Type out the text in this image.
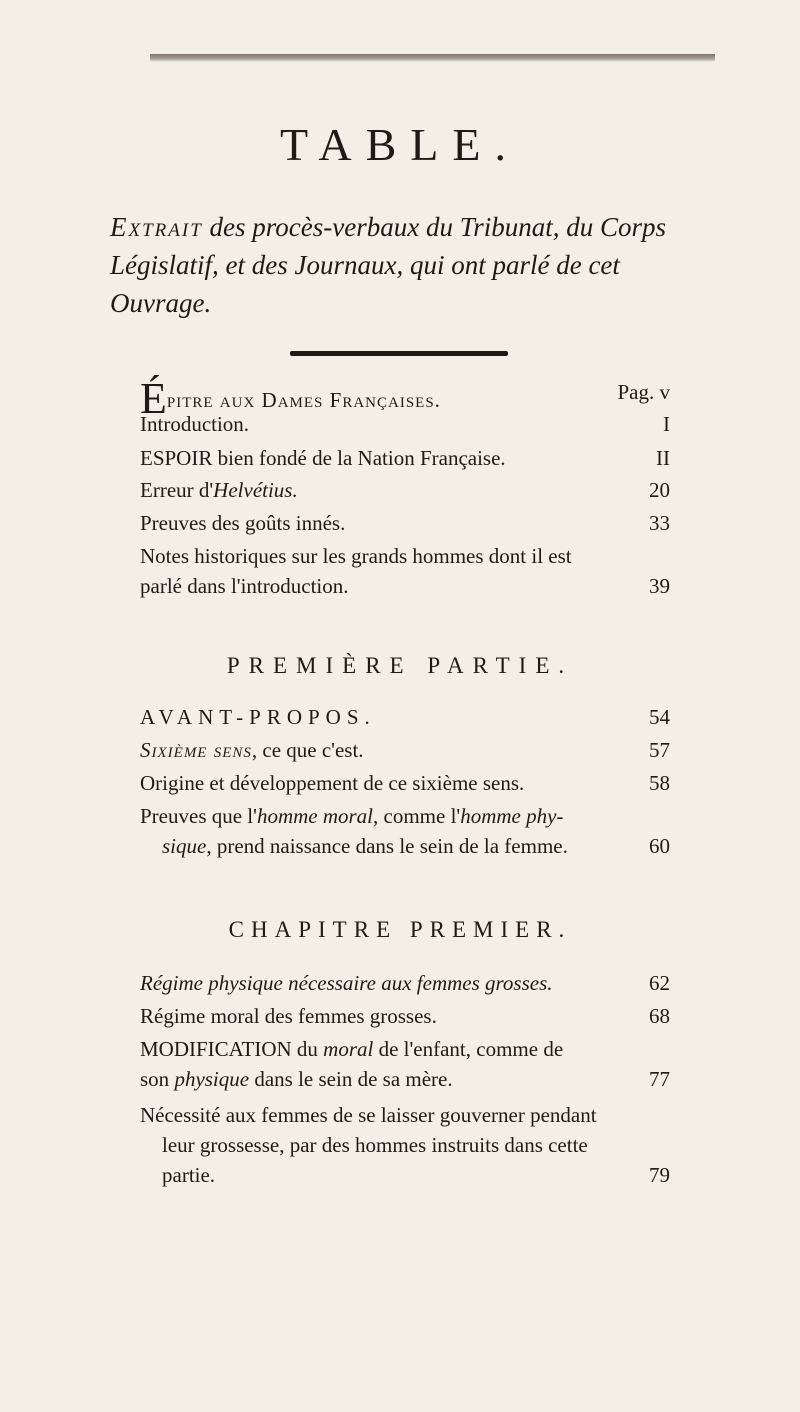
TABLE.
Extrait des procès-verbaux du Tribunat, du Corps Législatif, et des Journaux, qui ont parlé de cet Ouvrage.
Épitre aux Dames Françaises.	Pag. v
Introduction.	I
ESPOIR bien fondé de la Nation Française.	II
Erreur d'Helvétius.	20
Preuves des goûts innés.	33
Notes historiques sur les grands hommes dont il est
parlé dans l'introduction.	39
PREMIÈRE PARTIE.
AVANT-PROPOS.	54
Sixième sens, ce que c'est.	57
Origine et développement de ce sixième sens.	58
Preuves que l'homme moral, comme l'homme phy-
sique, prend naissance dans le sein de la femme.	60
CHAPITRE PREMIER.
Régime physique nécessaire aux femmes grosses.	62
Régime moral des femmes grosses.	68
MODIFICATION du moral de l'enfant, comme de
son physique dans le sein de sa mère.	77
Nécessité aux femmes de se laisser gouverner pendant
leur grossesse, par des hommes instruits dans cette
partie.	79
